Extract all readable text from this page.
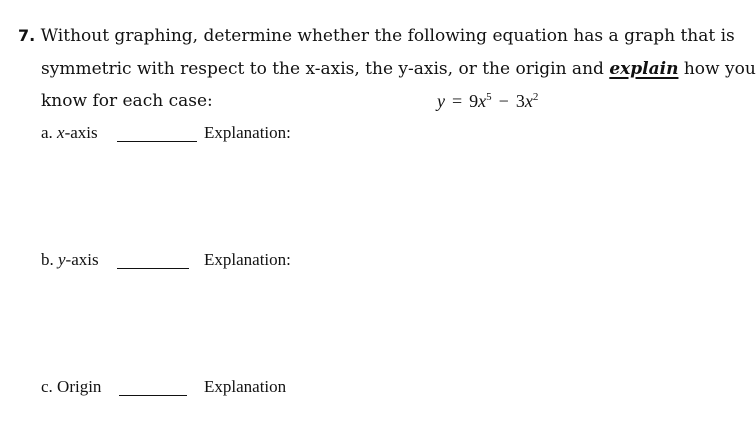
7. Without graphing, determine whether the following equation has a graph that is
symmetric with respect to the x-axis, the y-axis, or the origin and explain how you
know for each case:	$y = 9x^5 - 3x^2$
a. x-axis	Explanation:
b. y-axis	Explanation:
c. Origin	Explanation
